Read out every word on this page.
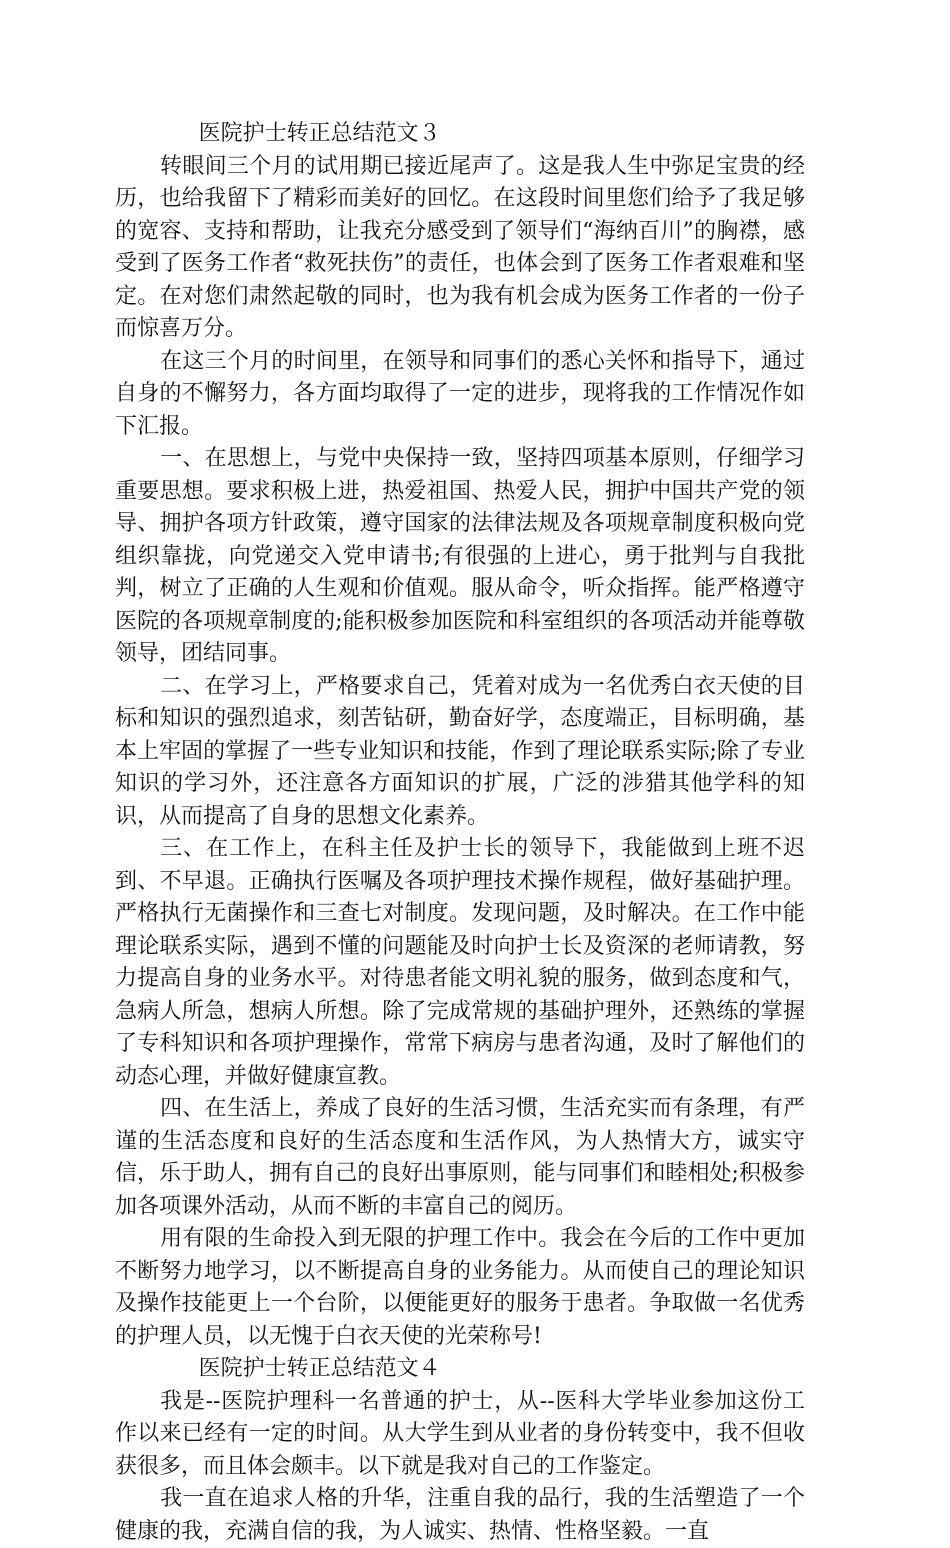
医院护士转正总结范文３

转眼间三个月的试用期已接近尾声了。这是我人生中弥足宝贵的经历，也给我留下了精彩而美好的回忆。在这段时间里您们给予了我足够的宽容、支持和帮助，让我充分感受到了领导们“海纳百川”的胸襟，感受到了医务工作者“救死扶伤”的责任，也体会到了医务工作者艰难和坚定。在对您们肃然起敬的同时，也为我有机会成为医务工作者的一份子而惊喜万分。

在这三个月的时间里，在领导和同事们的悉心关怀和指导下，通过自身的不懈努力，各方面均取得了一定的进步，现将我的工作情况作如下汇报。

一、在思想上，与党中央保持一致，坚持四项基本原则，仔细学习重要思想。要求积极上进，热爱祖国、热爱人民，拥护中国共产党的领导、拥护各项方针政策，遵守国家的法律法规及各项规章制度积极向党组织靠拢，向党递交入党申请书;有很强的上进心，勇于批判与自我批判，树立了正确的人生观和价值观。服从命令，听众指挥。能严格遵守医院的各项规章制度的;能积极参加医院和科室组织的各项活动并能尊敬领导，团结同事。

二、在学习上，严格要求自己，凭着对成为一名优秀白衣天使的目标和知识的强烈追求，刻苦钻研，勤奋好学，态度端正，目标明确，基本上牢固的掌握了一些专业知识和技能，作到了理论联系实际;除了专业知识的学习外，还注意各方面知识的扩展，广泛的涉猎其他学科的知识，从而提高了自身的思想文化素养。

三、在工作上，在科主任及护士长的领导下，我能做到上班不迟到、不早退。正确执行医嘱及各项护理技术操作规程，做好基础护理。严格执行无菌操作和三查七对制度。发现问题，及时解决。在工作中能理论联系实际，遇到不懂的问题能及时向护士长及资深的老师请教，努力提高自身的业务水平。对待患者能文明礼貌的服务，做到态度和气，急病人所急，想病人所想。除了完成常规的基础护理外，还熟练的掌握了专科知识和各项护理操作，常常下病房与患者沟通，及时了解他们的动态心理，并做好健康宣教。

四、在生活上，养成了良好的生活习惯，生活充实而有条理，有严谨的生活态度和良好的生活态度和生活作风，为人热情大方，诚实守信，乐于助人，拥有自己的良好出事原则，能与同事们和睦相处;积极参加各项课外活动，从而不断的丰富自己的阅历。

用有限的生命投入到无限的护理工作中。我会在今后的工作中更加不断努力地学习，以不断提高自身的业务能力。从而使自己的理论知识及操作技能更上一个台阶，以便能更好的服务于患者。争取做一名优秀的护理人员，以无愧于白衣天使的光荣称号!

医院护士转正总结范文４

我是--医院护理科一名普通的护士，从--医科大学毕业参加这份工作以来已经有一定的时间。从大学生到从业者的身份转变中，我不但收获很多，而且体会颇丰。以下就是我对自己的工作鉴定。

我一直在追求人格的升华，注重自我的品行，我的生活塑造了一个健康的我，充满自信的我，为人诚实、热情、性格坚毅。一直
